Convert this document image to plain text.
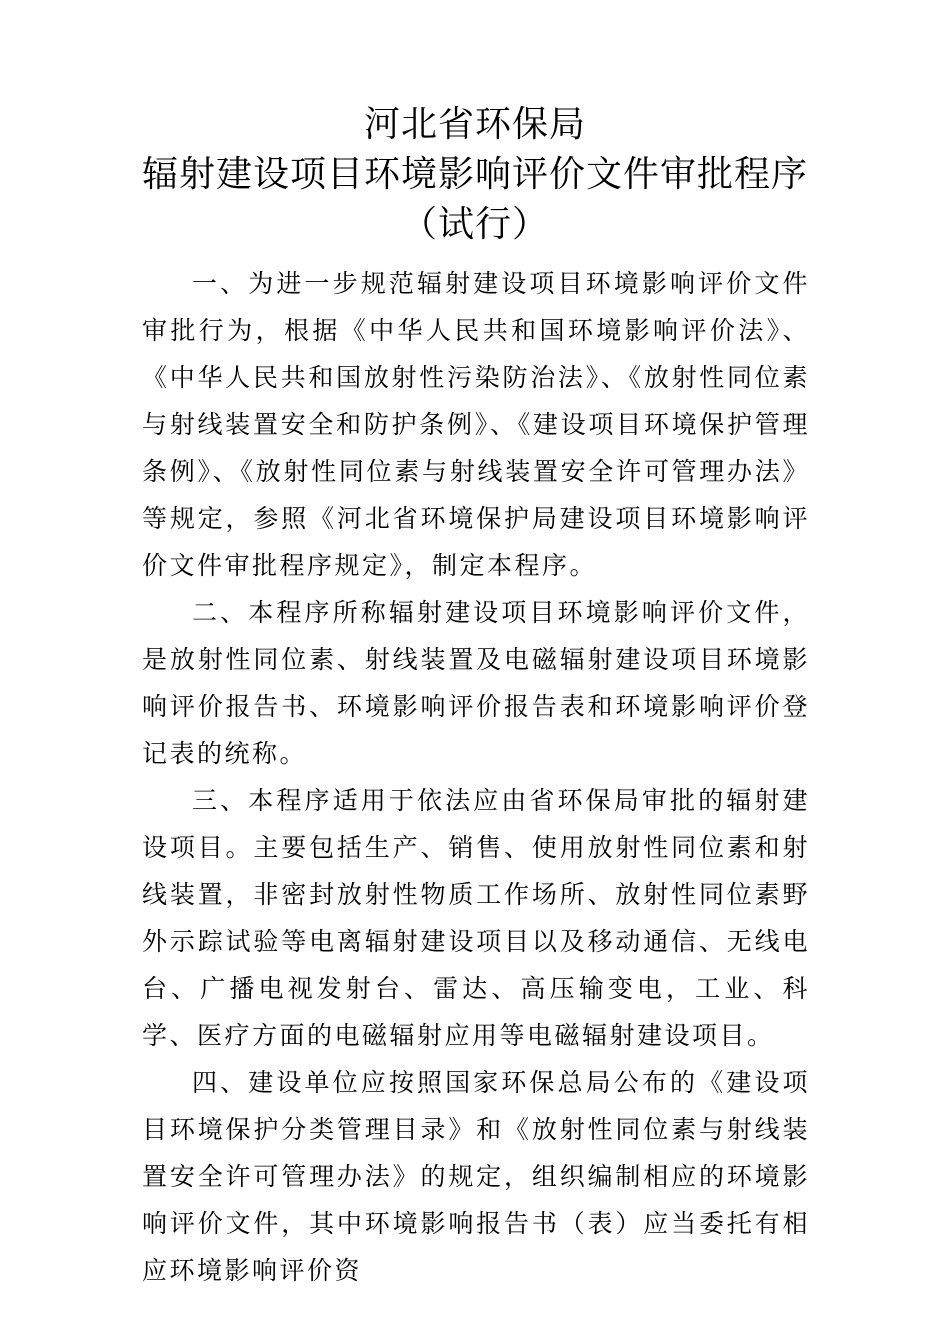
河北省环保局
辐射建设项目环境影响评价文件审批程序
（试行）

一、为进一步规范辐射建设项目环境影响评价文件审批行为，根据《中华人民共和国环境影响评价法》、《中华人民共和国放射性污染防治法》、《放射性同位素与射线装置安全和防护条例》、《建设项目环境保护管理条例》、《放射性同位素与射线装置安全许可管理办法》等规定，参照《河北省环境保护局建设项目环境影响评价文件审批程序规定》，制定本程序。

二、本程序所称辐射建设项目环境影响评价文件，是放射性同位素、射线装置及电磁辐射建设项目环境影响评价报告书、环境影响评价报告表和环境影响评价登记表的统称。

三、本程序适用于依法应由省环保局审批的辐射建设项目。主要包括生产、销售、使用放射性同位素和射线装置，非密封放射性物质工作场所、放射性同位素野外示踪试验等电离辐射建设项目以及移动通信、无线电台、广播电视发射台、雷达、高压输变电，工业、科学、医疗方面的电磁辐射应用等电磁辐射建设项目。

四、建设单位应按照国家环保总局公布的《建设项目环境保护分类管理目录》和《放射性同位素与射线装置安全许可管理办法》的规定，组织编制相应的环境影响评价文件，其中环境影响报告书（表）应当委托有相应环境影响评价资
